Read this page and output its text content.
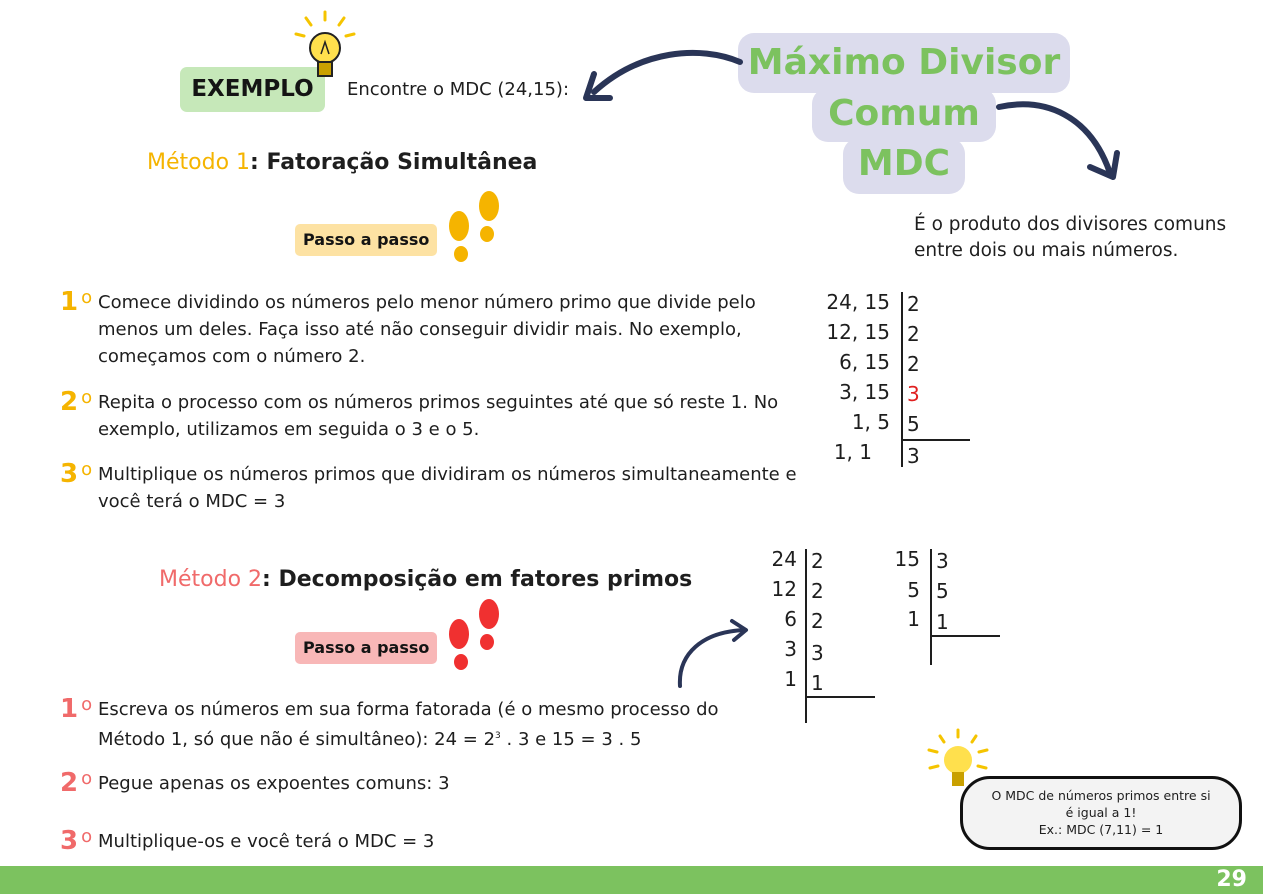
Máximo Divisor
Comum
MDC
É o produto dos divisores comuns entre dois ou mais números.
EXEMPLO	Encontre o MDC (24,15):
Método 1: Fatoração Simultânea
Passo a passo
1 $^o$ Comece dividindo os números pelo menor número primo que divide pelo menos um deles. Faça isso até não conseguir dividir mais. No exemplo, começamos com o número 2.
2 $^o$ Repita o processo com os números primos seguintes até que só reste 1. No exemplo, utilizamos em seguida o 3 e o 5.
3 $^o$ Multiplique os números primos que dividiram os números simultaneamente e você terá o MDC = 3
24, 15
12, 15
6, 15
3, 15
1, 5
1, 1
2
2
2
3
5
3
Método 2: Decomposição em fatores primos
Passo a passo
1 $^o$ Escreva os números em sua forma fatorada (é o mesmo processo do
Método 1, só que não é simultâneo): $24 = 2^3$ . 3 e 15 = 3 . 5
2 $^o$ Pegue apenas os expoentes comuns: 3
3 $^o$ Multiplique-os e você terá o MDC = 3
24
12
6
3
1
2
2
2
3
1
15
5
1
3
5
1
O MDC de números primos entre si
é igual a 1!
Ex.: MDC (7,11) = 1
29
